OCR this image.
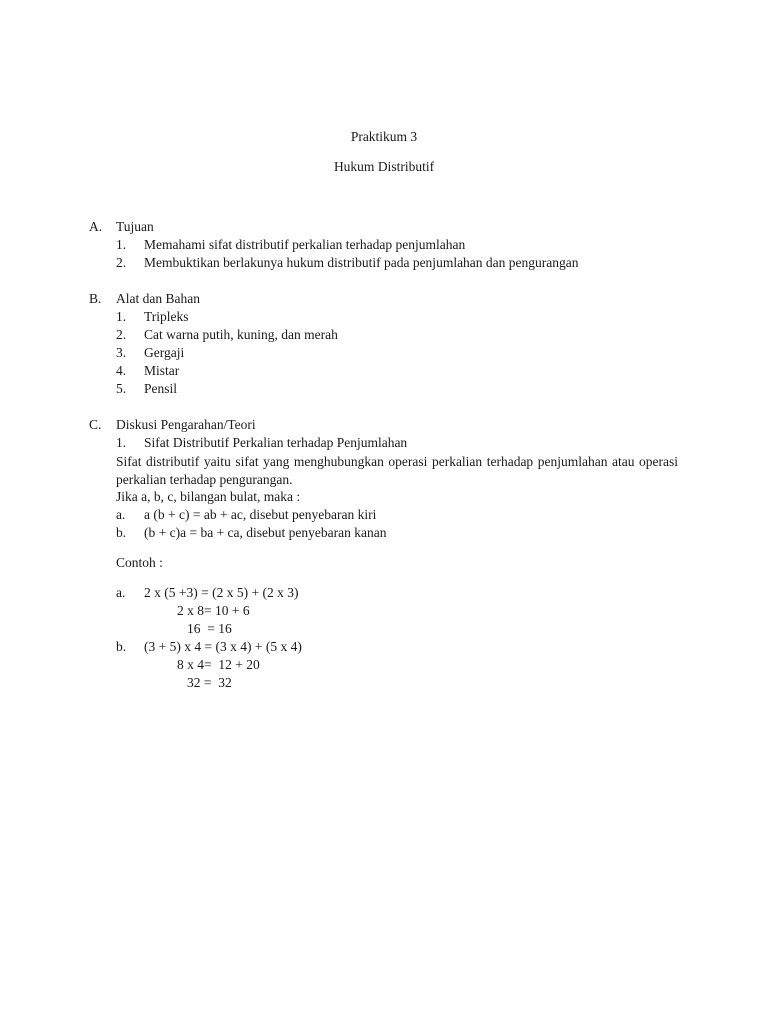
Praktikum 3
Hukum Distributif
A. Tujuan
1. Memahami sifat distributif perkalian terhadap penjumlahan
2. Membuktikan berlakunya hukum distributif pada penjumlahan dan pengurangan
B. Alat dan Bahan
1. Tripleks
2. Cat warna putih, kuning, dan merah
3. Gergaji
4. Mistar
5. Pensil
C. Diskusi Pengarahan/Teori
1. Sifat Distributif Perkalian terhadap Penjumlahan
Sifat distributif yaitu sifat yang menghubungkan operasi perkalian terhadap penjumlahan atau operasi perkalian terhadap pengurangan.
Jika a, b, c, bilangan bulat, maka :
a. a (b + c) = ab + ac, disebut penyebaran kiri
b. (b + c)a = ba + ca, disebut penyebaran kanan
Contoh :
a. 2 x (5 +3) = (2 x 5) + (2 x 3)
2 x 8= 10 + 6
16  = 16
b. (3 + 5) x 4 = (3 x 4) + (5 x 4)
8 x 4=  12 + 20
32 =  32
